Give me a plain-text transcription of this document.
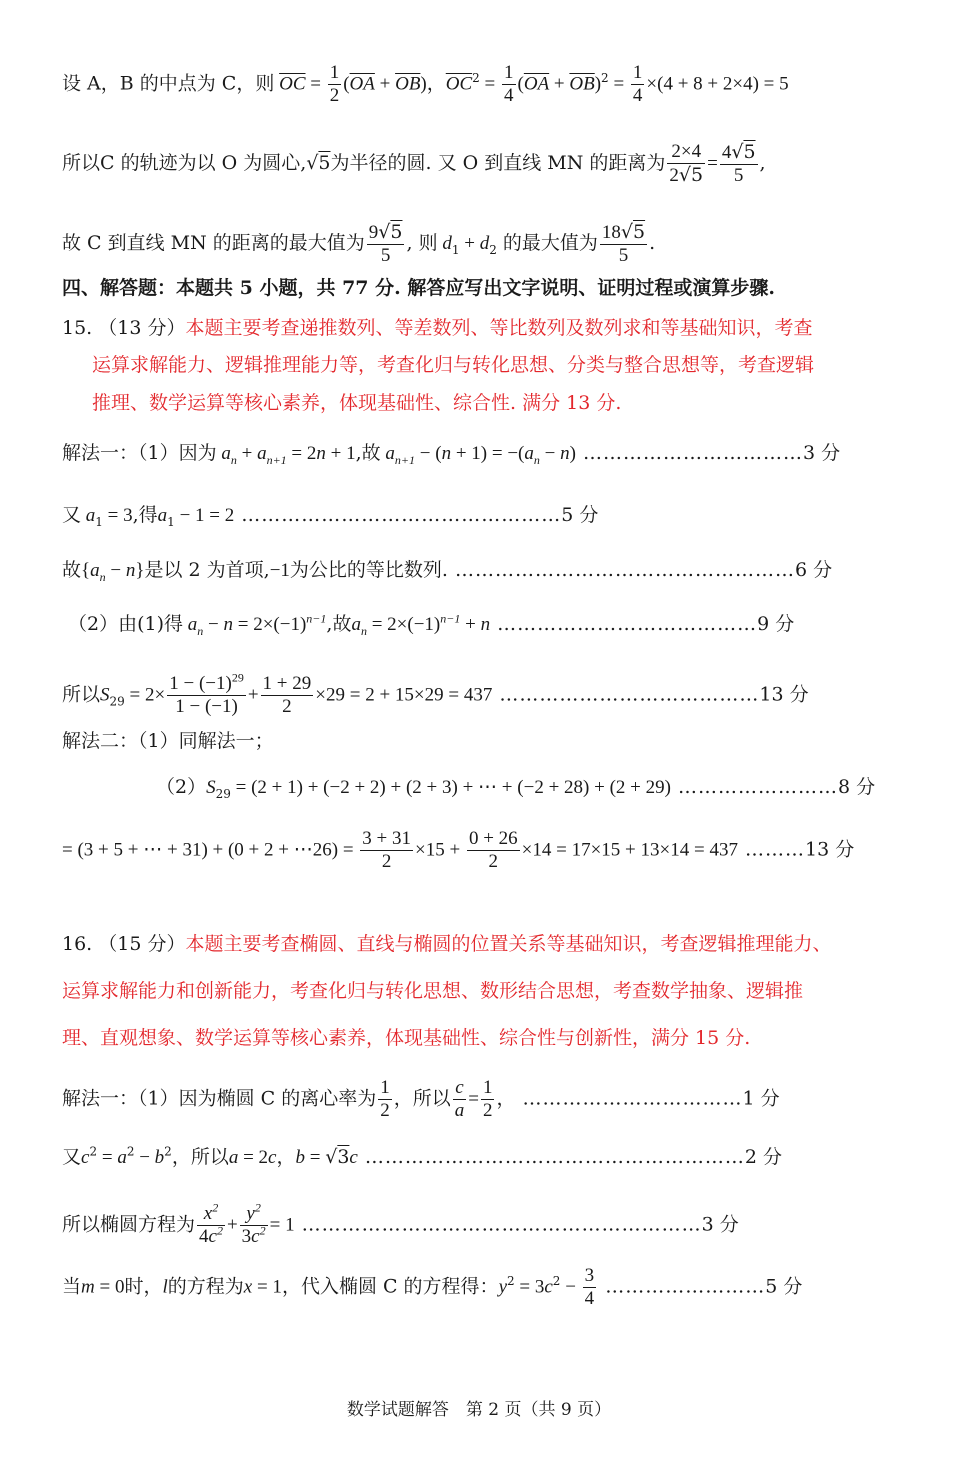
设 A，B 的中点为 C，则 $\overline{OC} = \frac{1}{2} (\overline{OA} + \overline{OB})$，$\overline{OC}^2 = \frac{1}{4} (\overline{OA} + \overline{OB})^2 = \frac{1}{4} \times(4 + 8 + 2\times 4) = 5$
所以C 的轨迹为以 O 为圆心,√5为半径的圆. 又 O 到直线 MN 的距离为 $\frac{2\times 4}{2√5} = \frac{4√5}{5}$ ,
故 C 到直线 MN 的距离的最大值为 $\frac{9√5}{5}$ , 则 $d_1 + d_2$ 的最大值为 $\frac{18√5}{5}$ .
四、解答题：本题共 5 小题，共 77 分. 解答应写出文字说明、证明过程或演算步骤.
15. （13 分）本题主要考查递推数列、等差数列、等比数列及数列求和等基础知识，考查
运算求解能力、逻辑推理能力等，考查化归与转化思想、分类与整合思想等，考查逻辑
推理、数学运算等核心素养，体现基础性、综合性. 满分 13 分.
解法一：（1）因为 $a_n + a_{n+1} = 2n + 1$,故 $a_{n+1} - (n + 1) = -(a_n - n)$ ……………………………3 分
又 $a_1 = 3$,得$a_1 - 1 = 2$ …………………………………………5 分
故$\{a_n - n\}$是以 2 为首项,−1为公比的等比数列. ……………………………………………6 分
（2）由(1)得 $a_n - n = 2\times(-1)^{n-1}$,故$a_n = 2\times(-1)^{n-1} + n$ …………………………………9 分
所以$S_{29} = 2\times \frac{1 - (-1)^{29}}{1 - (-1)} + \frac{1 + 29}{2} \times 29 = 2 + 15\times 29 = 437$ …………………………………13 分
解法二：（1）同解法一；
$(2)S_{29} = (2 + 1) + (-2 + 2) + (2 + 3)$ + ⋯ + (−2 + 28) + (2 + 29) ……………………8 分
= (3 + 5 + ⋯ + 31) + (0 + 2 + ⋯26) = $\frac{3 + 31}{2} \times 15 + \frac{0 + 26}{2} \times 14 = 17\times 15 + 13\times 14 = 437$ ………13 分
16. （15 分）本题主要考查椭圆、直线与椭圆的位置关系等基础知识，考查逻辑推理能力、
运算求解能力和创新能力，考查化归与转化思想、数形结合思想，考查数学抽象、逻辑推
理、直观想象、数学运算等核心素养，体现基础性、综合性与创新性，满分 15 分.
解法一：（1）因为椭圆 C 的离心率为 $\frac{1}{2}$ ，所以 $\frac{c}{a} = \frac{1}{2}$ ， ……………………………1 分
又$c^2 = a^2 - b^2$，所以a = 2c，b = √3c …………………………………………………2 分
所以椭圆方程为 $\frac{x^2}{4c^2} + \frac{y^2}{3c^2} = 1$ ……………………………………………………3 分
当m = 0时，l的方程为x = 1，代入椭圆 C 的方程得：$y^2 = 3c^2 - \frac{3}{4}$ ……………………5 分
数学试题解答　第 2 页（共 9 页）
